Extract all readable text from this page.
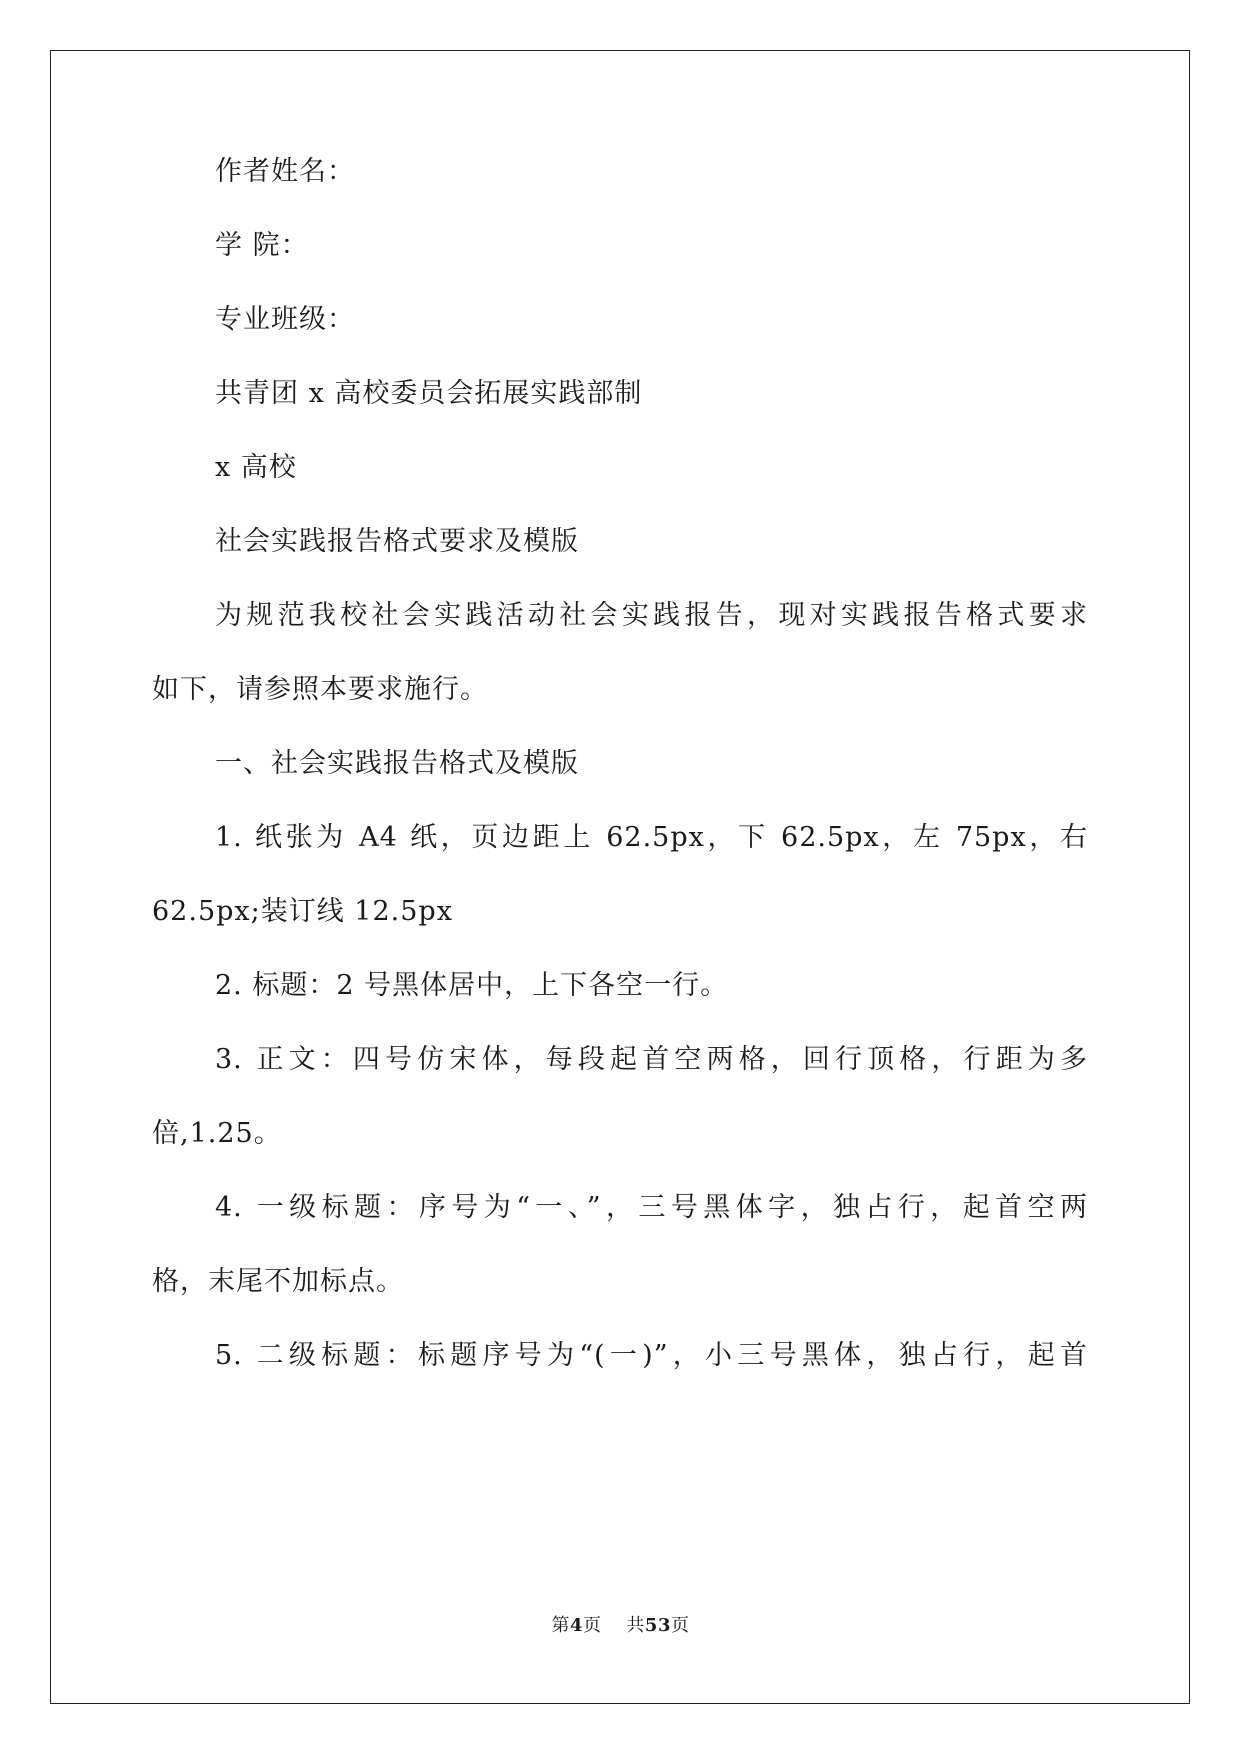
作者姓名：
学 院：
专业班级：
共青团 x 高校委员会拓展实践部制
x 高校
社会实践报告格式要求及模版
为规范我校社会实践活动社会实践报告，现对实践报告格式要求
如下，请参照本要求施行。
一、社会实践报告格式及模版
1. 纸张为 A4 纸，页边距上 62.5px，下 62.5px，左 75px，右
62.5px;装订线 12.5px
2. 标题：2 号黑体居中，上下各空一行。
3. 正文：四号仿宋体，每段起首空两格，回行顶格，行距为多
倍,1.25。
4. 一级标题：序号为“一、”，三号黑体字，独占行，起首空两
格，末尾不加标点。
5. 二级标题：标题序号为“(一)”，小三号黑体，独占行，起首
第4页 共53页
